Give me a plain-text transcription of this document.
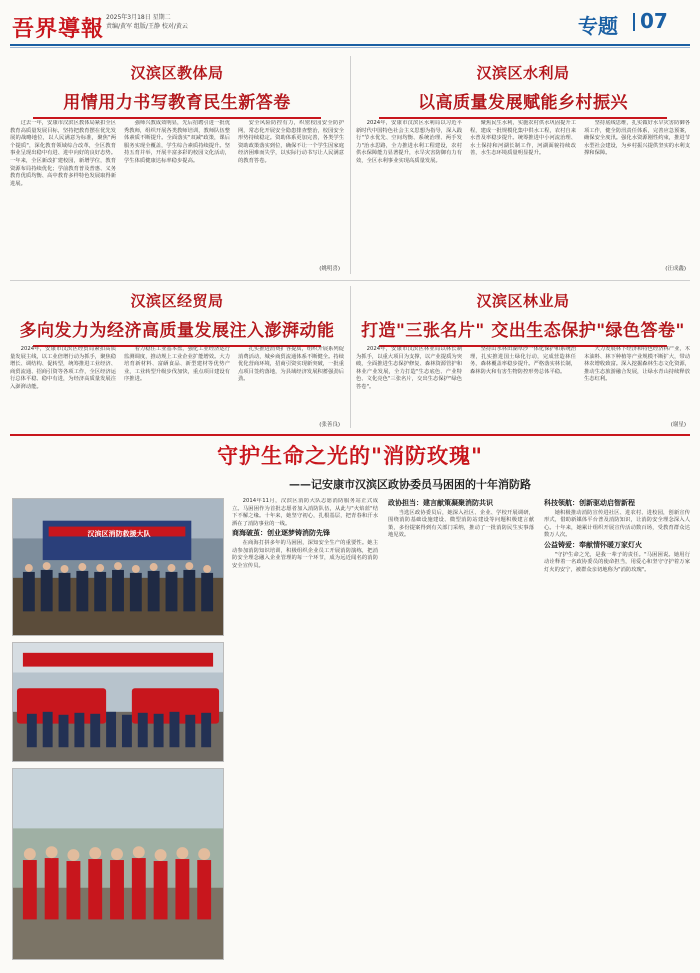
吾界導報 2025年3月18日 星期二
责编/黄军 组版/王静 校对/黄云	专题 07
汉滨区教体局
用情用力书写教育民生新答卷

过去一年，安康市汉滨区教体局紧扣全区教育高质量发展目标，坚持把教育摆在优先发展的战略地位，以人民满意为标准，聚焦"两个提质"，深化教育领域综合改革，全区教育事业呈现出稳中有进、进中向好的良好态势。一年来，全区新改扩建校园，新增学位，教育资源布局持续优化；学前教育普及普惠、义务教育优质均衡、高中教育多样特色发展取得新进展。

强师兴教成效明显，先后招聘引进一批优秀教师，组织开展各类教师培训，教师队伍整体素质不断提升。全面落实"双减"政策，课后服务实现全覆盖，学生综合素质持续提升。坚持五育并举，开展丰富多彩的校园文化活动，学生体质健康达标率稳步提高。

安全风险防控有力，织密校园安全防护网，常态化开展安全隐患排查整治，校园安全形势持续稳定。资助体系更加完善，各类学生资助政策落实到位，确保不让一个学生因家庭经济困难而失学，以实际行动书写让人民满意的教育答卷。

(姚明喜)
汉滨区水利局
以高质量发展赋能乡村振兴

2024年，安康市汉滨区水利局以习近平新时代中国特色社会主义思想为指导，深入践行"节水优先、空间均衡、系统治理、两手发力"治水思路，全力推进水利工程建设，农村供水保障能力显著提升，水旱灾害防御有力有效，全区水利事业实现高质量发展。

聚焦民生水利，实施农村供水巩固提升工程，建成一批规模化集中供水工程，农村自来水普及率稳步提升。统筹推进中小河流治理、水土保持和河湖长制工作，河湖面貌持续改善，水生态环境质量明显提升。

坚持底线思维，扎实做好水旱灾害防御各项工作，健全防汛责任体系，完善应急预案，确保安全度汛。强化水资源刚性约束，推进节水型社会建设，为乡村振兴提供坚实的水利支撑和保障。

(汪成鑫)
汉滨区经贸局
多向发力为经济高质量发展注入澎湃动能

2024年，安康市汉滨区经贸局紧扣高质量发展主线，以工业倍增行动为抓手，聚焦稳增长、调结构、促转型，统筹推进工业经济、商贸流通、招商引资等各项工作，全区经济运行总体平稳、稳中有进，为经济高质量发展注入澎湃动能。

着力稳住工业基本盘，强化工业经济运行监测调度，推动规上工业企业扩能增效。大力培育新材料、富硒食品、新型建材等优势产业，工业转型升级步伐加快，重点项目建设有序推进。

扎实推进消费扩容提质，组织开展系列促消费活动，城乡商贸流通体系不断健全。持续优化营商环境，招商引资实现新突破，一批重点项目签约落地，为县域经济发展积蓄强劲后劲。

(张善良)
汉滨区林业局
打造"三张名片" 交出生态保护"绿色答卷"

2024年，安康市汉滨区林业局以林长制为抓手，以重大项目为支撑，以产业提质为突破，全面推进生态保护修复、森林资源管护和林业产业发展，全力打造"生态底色、产业特色、文化亮色"三张名片，交出生态保护"绿色答卷"。

坚持山水林田湖草沙一体化保护和系统治理，扎实推进国土绿化行动，完成营造林任务，森林覆盖率稳步提升。严格落实林长制，森林防火和有害生物防控形势总体平稳。

大力发展林下经济和特色经济林产业，木本油料、林下种植等产业规模不断扩大，带动林农增收致富。深入挖掘森林生态文化资源，推动生态旅游融合发展，让绿水青山持续释放生态红利。

(谢星)
守护生命之光的"消防玫瑰"
——记安康市汉滨区政协委员马困困的十年消防路
汉滨区消防救援大队

2014年11月，汉滨区消防大队志愿消防服务站正式成立。马困困作为首批志愿者加入消防队伍，从此与"火焰蓝"结下不解之缘。十年来，她坚守初心，扎根基层，把青春和汗水洒在了消防事业的一线。

商海破茧：创业逐梦铸消防先锋

在商海打拼多年的马困困，深知安全生产的重要性。她主动参加消防知识培训，积极组织企业员工开展消防演练，把消防安全理念融入企业管理的每一个环节，成为远近闻名的消防安全宣传员。

政协担当：建言献策凝聚消防共识

当选区政协委员后，她深入社区、企业、学校开展调研，围绕消防基础设施建设、微型消防站建设等问题积极建言献策，多份提案得到有关部门采纳，推动了一批消防民生实事落地见效。

科技领航：创新驱动启智新程

她积极推动消防宣传进社区、进农村、进校园，创新宣传形式，借助新媒体平台普及消防知识，让消防安全理念深入人心。十年来，她累计组织开展宣传活动数百场，受教育群众达数万人次。

公益铸爱：奉献情怀暖万家灯火

"守护生命之光，是我一辈子的责任。"马困困说。她用行动诠释着一名政协委员的使命担当，用爱心和坚守守护着万家灯火的安宁，被群众亲切地称为"消防玫瑰"。
